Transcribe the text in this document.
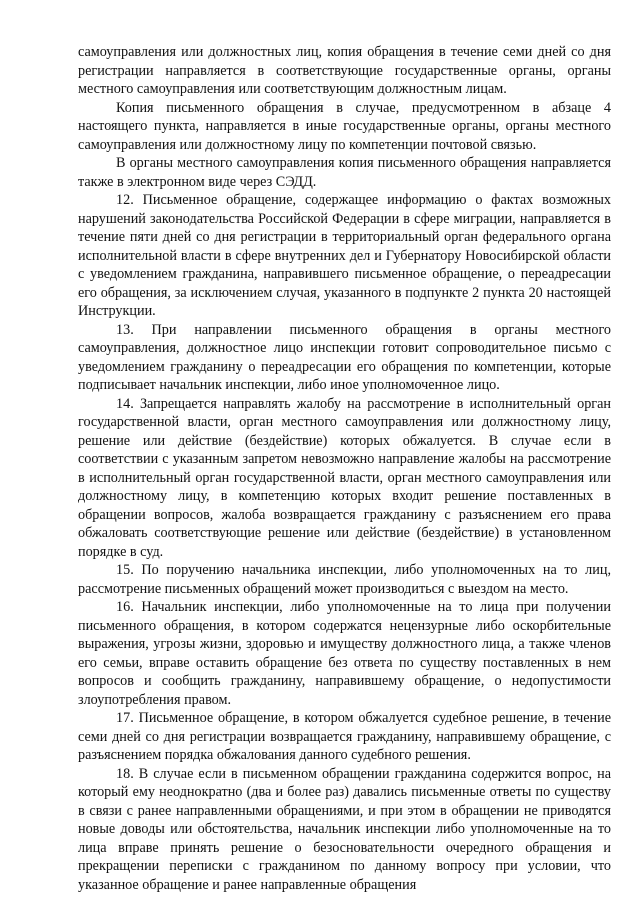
самоуправления или должностных лиц, копия обращения в течение семи дней со дня регистрации направляется в соответствующие государственные органы, органы местного самоуправления или соответствующим должностным лицам.

Копия письменного обращения в случае, предусмотренном в абзаце 4 настоящего пункта, направляется в иные государственные органы, органы местного самоуправления или должностному лицу по компетенции почтовой связью.

В органы местного самоуправления копия письменного обращения направляется также в электронном виде через СЭДД.

12. Письменное обращение, содержащее информацию о фактах возможных нарушений законодательства Российской Федерации в сфере миграции, направляется в течение пяти дней со дня регистрации в территориальный орган федерального органа исполнительной власти в сфере внутренних дел и Губернатору Новосибирской области с уведомлением гражданина, направившего письменное обращение, о переадресации его обращения, за исключением случая, указанного в подпункте 2 пункта 20 настоящей Инструкции.

13. При направлении письменного обращения в органы местного самоуправления, должностное лицо инспекции готовит сопроводительное письмо с уведомлением гражданину о переадресации его обращения по компетенции, которые подписывает начальник инспекции, либо иное уполномоченное лицо.

14. Запрещается направлять жалобу на рассмотрение в исполнительный орган государственной власти, орган местного самоуправления или должностному лицу, решение или действие (бездействие) которых обжалуется. В случае если в соответствии с указанным запретом невозможно направление жалобы на рассмотрение в исполнительный орган государственной власти, орган местного самоуправления или должностному лицу, в компетенцию которых входит решение поставленных в обращении вопросов, жалоба возвращается гражданину с разъяснением его права обжаловать соответствующие решение или действие (бездействие) в установленном порядке в суд.

15. По поручению начальника инспекции, либо уполномоченных на то лиц, рассмотрение письменных обращений может производиться с выездом на место.

16. Начальник инспекции, либо уполномоченные на то лица при получении письменного обращения, в котором содержатся нецензурные либо оскорбительные выражения, угрозы жизни, здоровью и имуществу должностного лица, а также членов его семьи, вправе оставить обращение без ответа по существу поставленных в нем вопросов и сообщить гражданину, направившему обращение, о недопустимости злоупотребления правом.

17. Письменное обращение, в котором обжалуется судебное решение, в течение семи дней со дня регистрации возвращается гражданину, направившему обращение, с разъяснением порядка обжалования данного судебного решения.

18. В случае если в письменном обращении гражданина содержится вопрос, на который ему неоднократно (два и более раз) давались письменные ответы по существу в связи с ранее направленными обращениями, и при этом в обращении не приводятся новые доводы или обстоятельства, начальник инспекции либо уполномоченные на то лица вправе принять решение о безосновательности очередного обращения и прекращении переписки с гражданином по данному вопросу при условии, что указанное обращение и ранее направленные обращения
